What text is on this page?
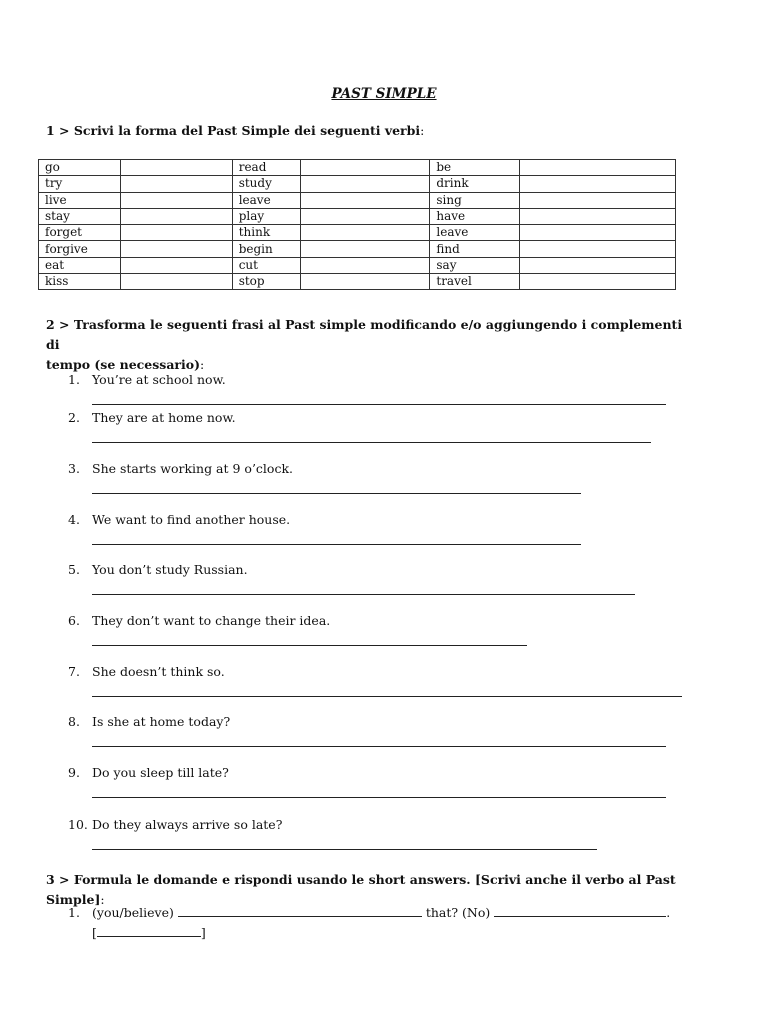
PAST SIMPLE
1 > Scrivi la forma del Past Simple dei seguenti verbi:
go		read		be	
try		study		drink	
live		leave		sing	
stay		play		have	
forget		think		leave	
forgive		begin		find	
eat		cut		say	
kiss		stop		travel	
2 > Trasforma le seguenti frasi al Past simple modificando e/o aggiungendo i complementi di
tempo (se necessario):
1. You’re at school now.
2. They are at home now.
3. She starts working at 9 o’clock.
4. We want to find another house.
5. You don’t study Russian.
6. They don’t want to change their idea.
7. She doesn’t think so.
8. Is she at home today?
9. Do you sleep till late?
10. Do they always arrive so late?
3 > Formula le domande e rispondi usando le short answers. [Scrivi anche il verbo al Past Simple]:
1. (you/believe)	that? (No)	.
[	]
